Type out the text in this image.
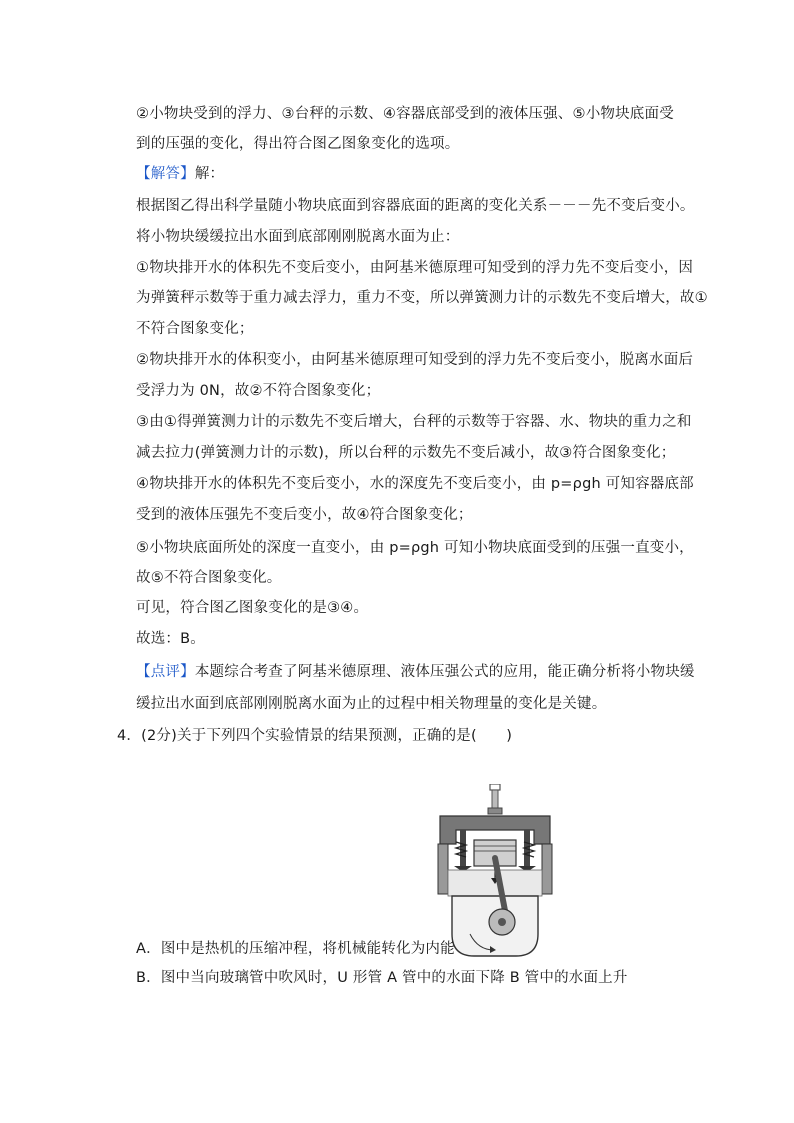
②小物块受到的浮力、③台秤的示数、④容器底部受到的液体压强、⑤小物块底面受
到的压强的变化，得出符合图乙图象变化的选项。
【解答】解：
根据图乙得出科学量随小物块底面到容器底面的距离的变化关系－－－先不变后变小。
将小物块缓缓拉出水面到底部刚刚脱离水面为止：
①物块排开水的体积先不变后变小，由阿基米德原理可知受到的浮力先不变后变小，因
为弹簧秤示数等于重力减去浮力，重力不变，所以弹簧测力计的示数先不变后增大，故①
不符合图象变化；
②物块排开水的体积变小，由阿基米德原理可知受到的浮力先不变后变小，脱离水面后
受浮力为 0N，故②不符合图象变化；
③由①得弹簧测力计的示数先不变后增大，台秤的示数等于容器、水、物块的重力之和
减去拉力(弹簧测力计的示数)，所以台秤的示数先不变后减小，故③符合图象变化；
④物块排开水的体积先不变后变小，水的深度先不变后变小，由 p=ρgh 可知容器底部
受到的液体压强先不变后变小，故④符合图象变化；
⑤小物块底面所处的深度一直变小，由 p=ρgh 可知小物块底面受到的压强一直变小，
故⑤不符合图象变化。
可见，符合图乙图象变化的是③④。
故选：B。
【点评】本题综合考查了阿基米德原理、液体压强公式的应用，能正确分析将小物块缓
缓拉出水面到底部刚刚脱离水面为止的过程中相关物理量的变化是关键。
4．(2分)关于下列四个实验情景的结果预测，正确的是(　　)
A．图中是热机的压缩冲程，将机械能转化为内能
B．图中当向玻璃管中吹风时，U 形管 A 管中的水面下降 B 管中的水面上升
